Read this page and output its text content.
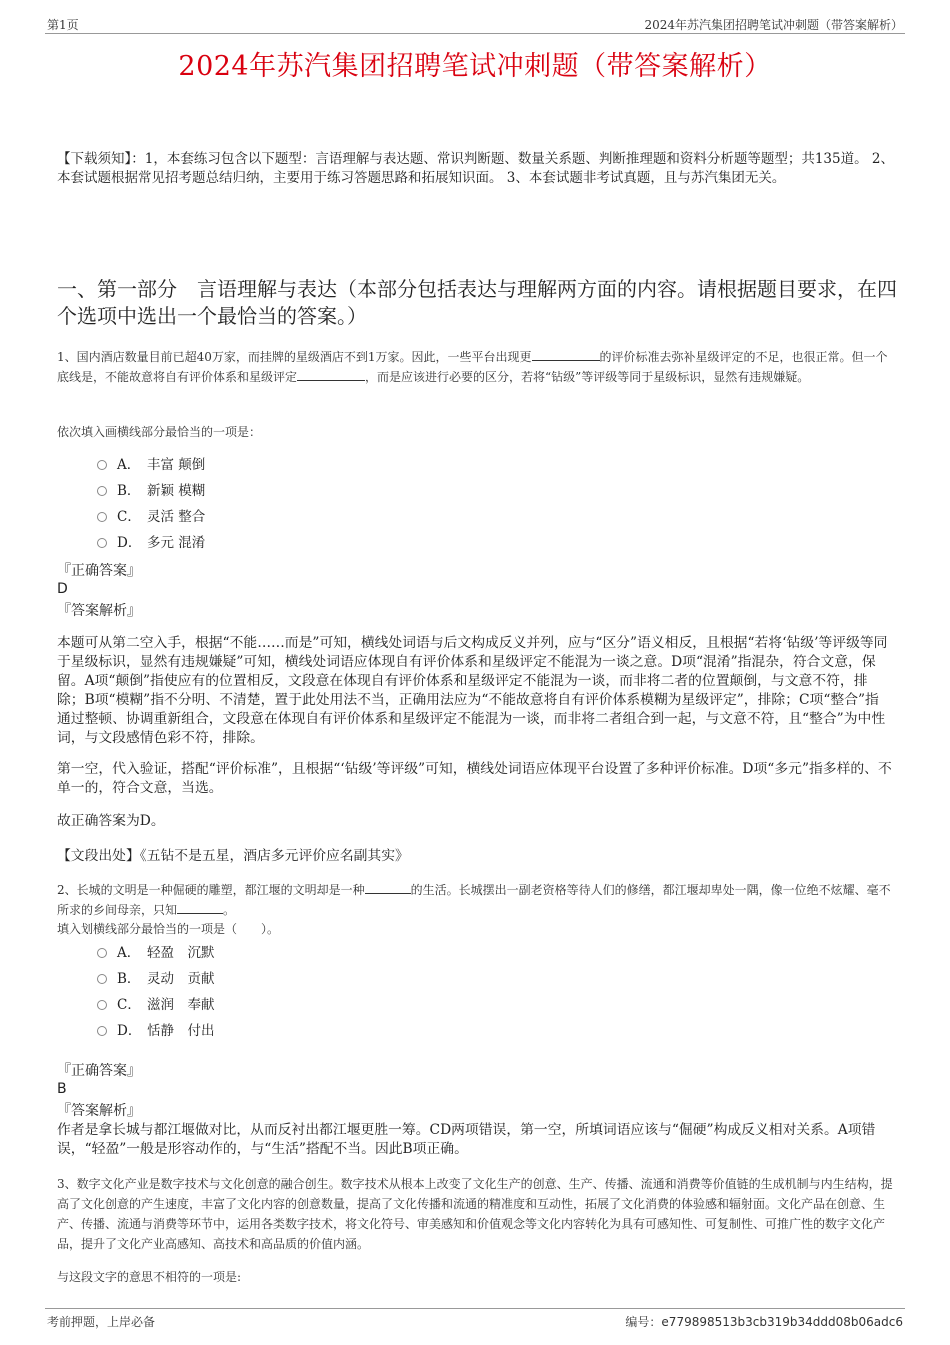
第1页	2024年苏汽集团招聘笔试冲刺题（带答案解析）
2024年苏汽集团招聘笔试冲刺题（带答案解析）
【下载须知】：1，本套练习包含以下题型：言语理解与表达题、常识判断题、数量关系题、判断推理题和资料分析题等题型；共135道。 2、本套试题根据常见招考题总结归纳，主要用于练习答题思路和拓展知识面。 3、本套试题非考试真题，且与苏汽集团无关。
一、第一部分　言语理解与表达（本部分包括表达与理解两方面的内容。请根据题目要求，在四个选项中选出一个最恰当的答案。）
1、国内酒店数量目前已超40万家，而挂牌的星级酒店不到1万家。因此，一些平台出现更	的评价标准去弥补星级评定的不足，也很正常。但一个底线是，不能故意将自有评价体系和星级评定	，而是应该进行必要的区分，若将“钻级”等评级等同于星级标识，显然有违规嫌疑。
依次填入画横线部分最恰当的一项是：
A． 丰富 颠倒
B． 新颖 模糊
C． 灵活 整合
D． 多元 混淆
『正确答案』
D
『答案解析』
本题可从第二空入手，根据“不能……而是”可知，横线处词语与后文构成反义并列，应与“区分”语义相反，且根据“若将‘钻级’等评级等同于星级标识，显然有违规嫌疑”可知，横线处词语应体现自有评价体系和星级评定不能混为一谈之意。D项“混淆”指混杂，符合文意，保留。A项“颠倒”指使应有的位置相反，文段意在体现自有评价体系和星级评定不能混为一谈，而非将二者的位置颠倒，与文意不符，排除；B项“模糊”指不分明、不清楚，置于此处用法不当，正确用法应为“不能故意将自有评价体系模糊为星级评定”，排除；C项“整合”指通过整顿、协调重新组合，文段意在体现自有评价体系和星级评定不能混为一谈，而非将二者组合到一起，与文意不符，且“整合”为中性词，与文段感情色彩不符，排除。
第一空，代入验证，搭配“评价标准”，且根据“‘钻级’等评级”可知，横线处词语应体现平台设置了多种评价标准。D项“多元”指多样的、不单一的，符合文意，当选。
故正确答案为D。
【文段出处】《五钻不是五星，酒店多元评价应名副其实》
2、长城的文明是一种倔硬的雕塑，都江堰的文明却是一种	的生活。长城摆出一副老资格等待人们的修缮，都江堰却卑处一隅，像一位绝不炫耀、毫不所求的乡间母亲，只知	。
填入划横线部分最恰当的一项是（　　）。
A． 轻盈　沉默
B． 灵动　贡献
C． 滋润　奉献
D． 恬静　付出
『正确答案』
B
『答案解析』
作者是拿长城与都江堰做对比，从而反衬出都江堰更胜一筹。CD两项错误，第一空，所填词语应该与“倔硬”构成反义相对关系。A项错误，“轻盈”一般是形容动作的，与“生活”搭配不当。因此B项正确。
3、数字文化产业是数字技术与文化创意的融合创生。数字技术从根本上改变了文化生产的创意、生产、传播、流通和消费等价值链的生成机制与内生结构，提高了文化创意的产生速度，丰富了文化内容的创意数量，提高了文化传播和流通的精准度和互动性，拓展了文化消费的体验感和辐射面。文化产品在创意、生产、传播、流通与消费等环节中，运用各类数字技术，将文化符号、审美感知和价值观念等文化内容转化为具有可感知性、可复制性、可推广性的数字文化产品，提升了文化产业高感知、高技术和高品质的价值内涵。
与这段文字的意思不相符的一项是:
考前押题，上岸必备	编号：e779898513b3cb319b34ddd08b06adc6
